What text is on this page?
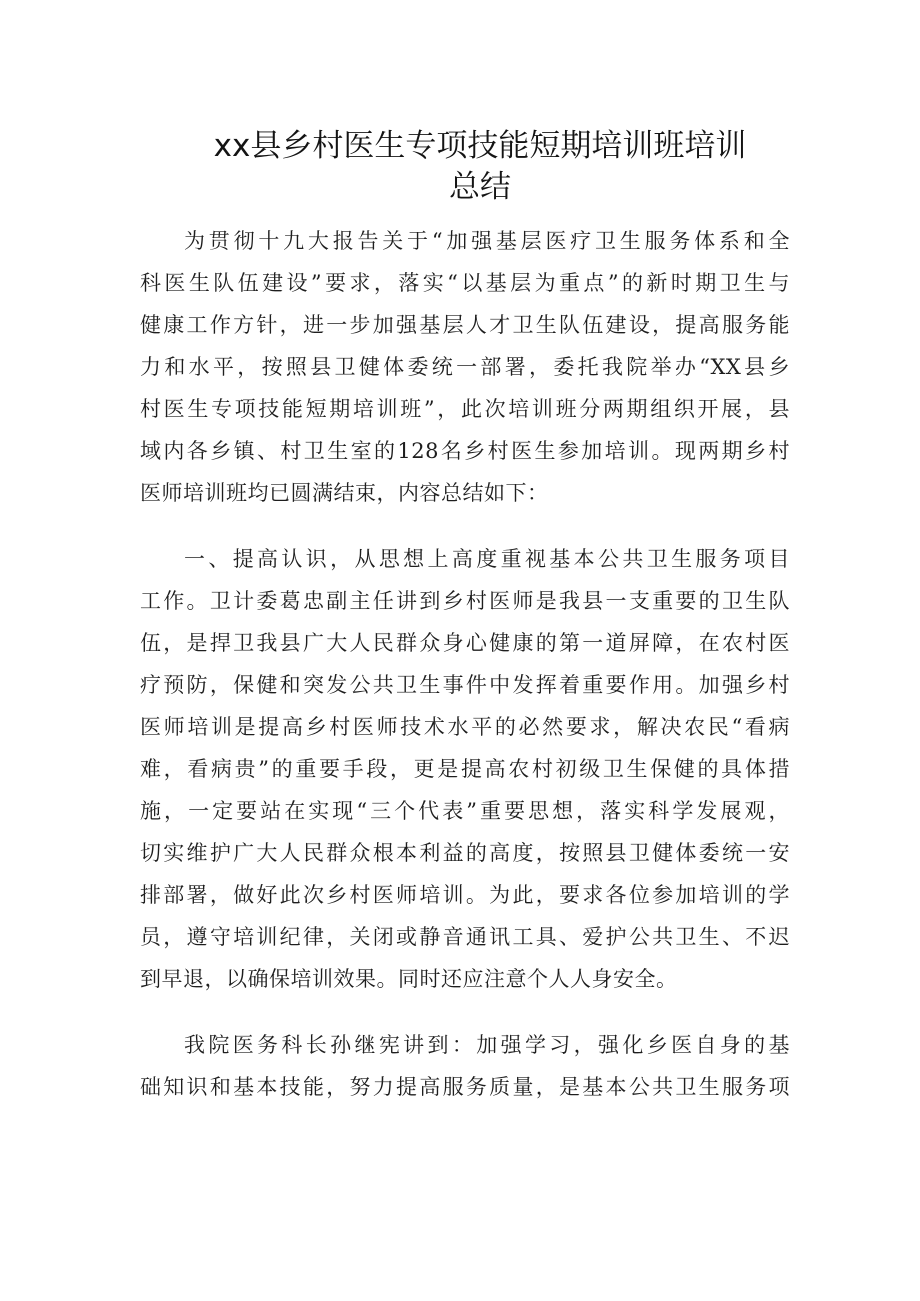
xx县乡村医生专项技能短期培训班培训
总结

为贯彻十九大报告关于“加强基层医疗卫生服务体系和全

科医生队伍建设”要求，落实“以基层为重点”的新时期卫生与

健康工作方针，进一步加强基层人才卫生队伍建设，提高服务能

力和水平，按照县卫健体委统一部署，委托我院举办“XX县乡

村医生专项技能短期培训班”，此次培训班分两期组织开展，县

域内各乡镇、村卫生室的128名乡村医生参加培训。现两期乡村

医师培训班均已圆满结束，内容总结如下：

一、提高认识，从思想上高度重视基本公共卫生服务项目

工作。卫计委葛忠副主任讲到乡村医师是我县一支重要的卫生队

伍，是捍卫我县广大人民群众身心健康的第一道屏障，在农村医

疗预防，保健和突发公共卫生事件中发挥着重要作用。加强乡村

医师培训是提高乡村医师技术水平的必然要求，解决农民“看病

难，看病贵”的重要手段，更是提高农村初级卫生保健的具体措

施，一定要站在实现“三个代表”重要思想，落实科学发展观，

切实维护广大人民群众根本利益的高度，按照县卫健体委统一安

排部署，做好此次乡村医师培训。为此，要求各位参加培训的学

员，遵守培训纪律，关闭或静音通讯工具、爱护公共卫生、不迟

到早退，以确保培训效果。同时还应注意个人人身安全。

我院医务科长孙继宪讲到：加强学习，强化乡医自身的基

础知识和基本技能，努力提高服务质量，是基本公共卫生服务项
